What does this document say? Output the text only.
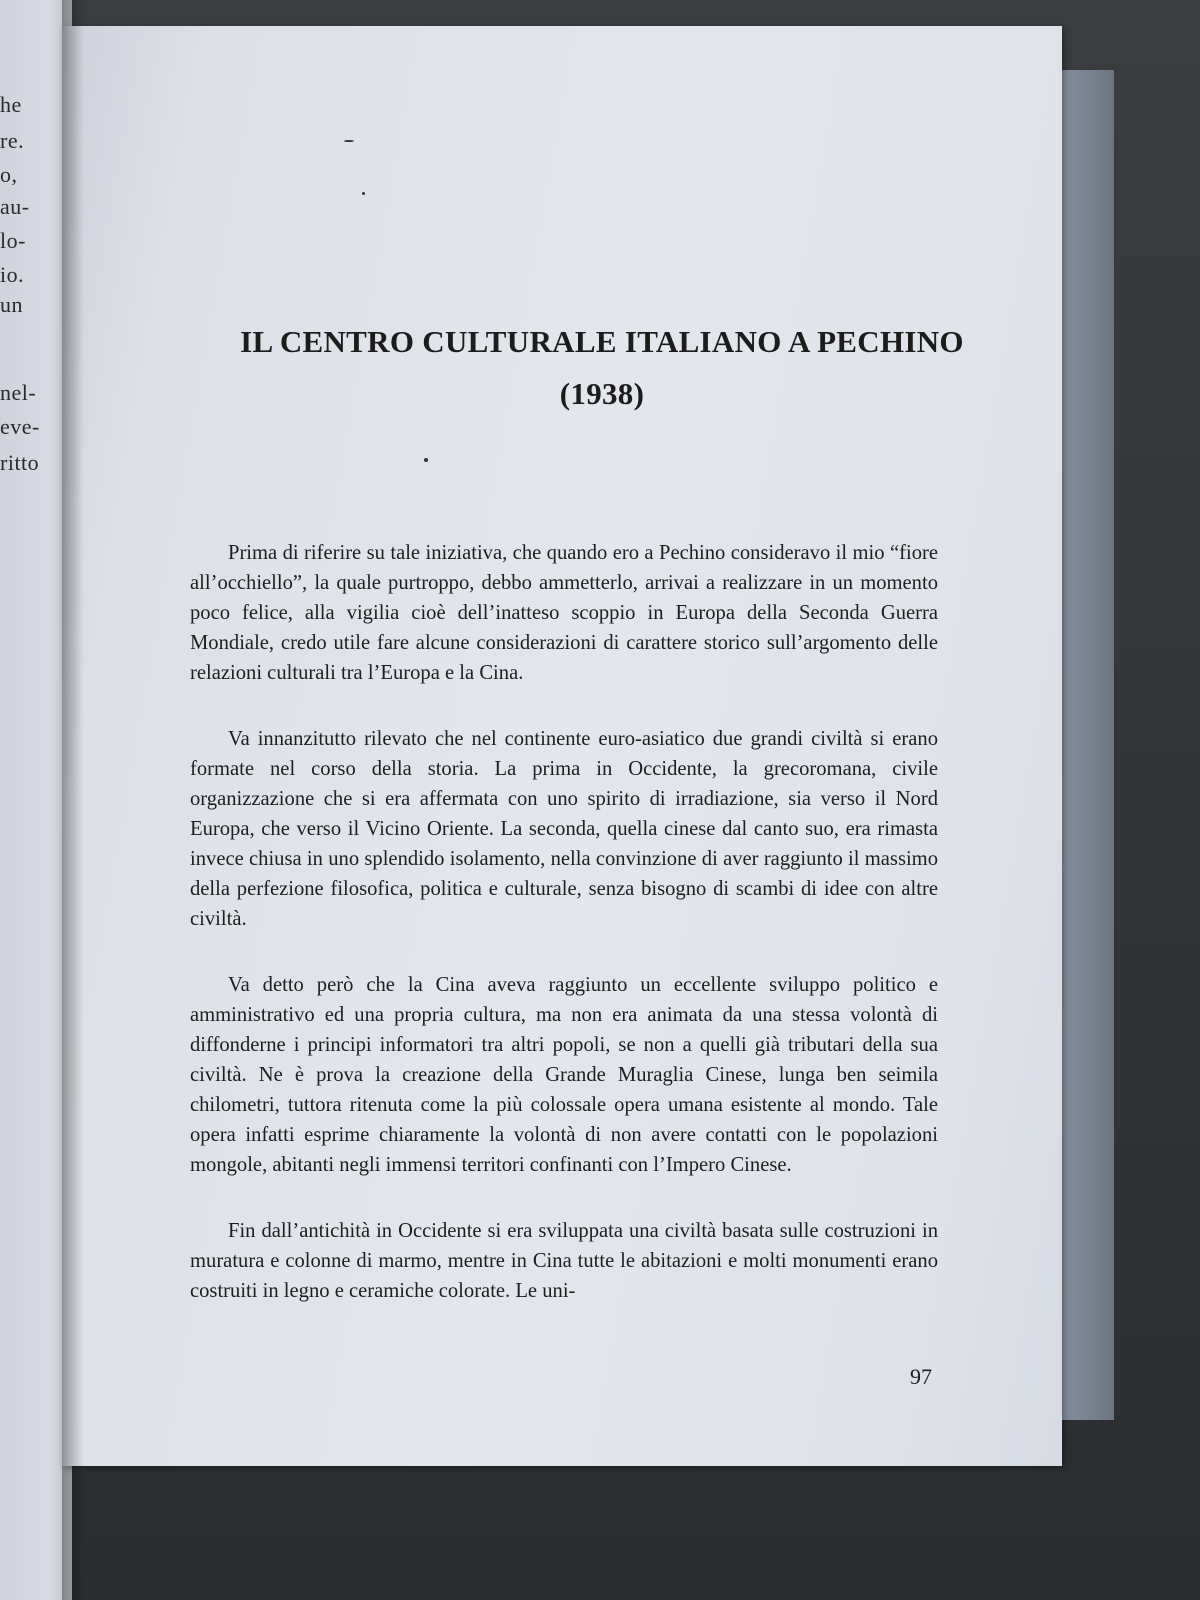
he
re.
o,
au-
lo-
io.
un
nel-
eve-
ritto
IL CENTRO CULTURALE ITALIANO A PECHINO
(1938)

Prima di riferire su tale iniziativa, che quando ero a Pechino consideravo il mio “fiore all’occhiello”, la quale purtroppo, debbo ammetterlo, arrivai a realizzare in un momento poco felice, alla vigilia cioè dell’inatteso scoppio in Europa della Seconda Guerra Mondiale, credo utile fare alcune considerazioni di carattere storico sull’argomento delle relazioni culturali tra l’Europa e la Cina.

Va innanzitutto rilevato che nel continente euro-asiatico due grandi civiltà si erano formate nel corso della storia. La prima in Occidente, la grecoromana, civile organizzazione che si era affermata con uno spirito di irradiazione, sia verso il Nord Europa, che verso il Vicino Oriente. La seconda, quella cinese dal canto suo, era rimasta invece chiusa in uno splendido isolamento, nella convinzione di aver raggiunto il massimo della perfezione filosofica, politica e culturale, senza bisogno di scambi di idee con altre civiltà.

Va detto però che la Cina aveva raggiunto un eccellente sviluppo politico e amministrativo ed una propria cultura, ma non era animata da una stessa volontà di diffonderne i principi informatori tra altri popoli, se non a quelli già tributari della sua civiltà. Ne è prova la creazione della Grande Muraglia Cinese, lunga ben seimila chilometri, tuttora ritenuta come la più colossale opera umana esistente al mondo. Tale opera infatti esprime chiaramente la volontà di non avere contatti con le popolazioni mongole, abitanti negli immensi territori confinanti con l’Impero Cinese.

Fin dall’antichità in Occidente si era sviluppata una civiltà basata sulle costruzioni in muratura e colonne di marmo, mentre in Cina tutte le abitazioni e molti monumenti erano costruiti in legno e ceramiche colorate. Le uni-

97
